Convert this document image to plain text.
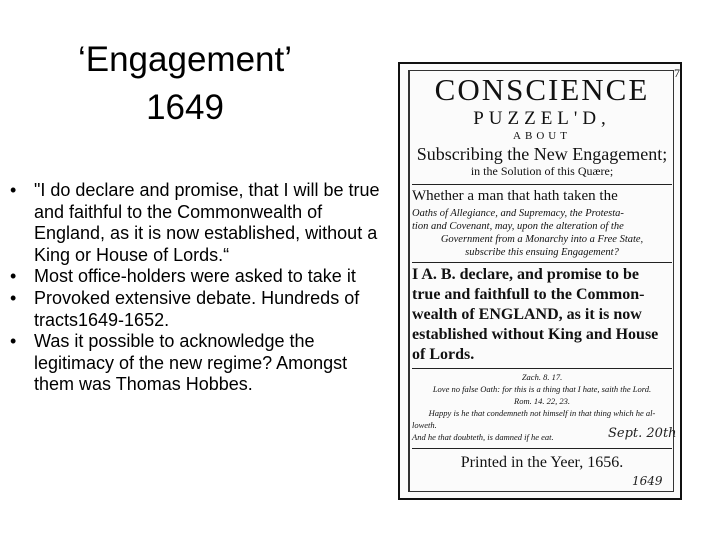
‘Engagement’
1649
• "I do declare and promise, that I will be true and faithful to the Commonwealth of England, as it is now established, without a King or House of Lords.“
• Most office-holders were asked to take it
• Provoked extensive debate. Hundreds of tracts1649-1652.
• Was it possible to acknowledge the legitimacy of the new regime? Amongst them was Thomas Hobbes.
7
CONSCIENCE
PUZZEL'D,
ABOUT
Subscribing the New Engagement;
in the Solution of this Quære;
Whether a man that hath taken the
Oaths of Allegiance, and Supremacy, the Protesta-
tion and Covenant, may, upon the alteration of the
Government from a Monarchy into a Free State,
subscribe this ensuing Engagement?
I A. B. declare, and promise to be
true and faithfull to the Common-
wealth of ENGLAND, as it is now
established without King and House
of Lords.
Zach. 8. 17.
Love no false Oath: for this is a thing that I hate, saith the Lord.
Rom. 14. 22, 23.
Happy is he that condemneth not himself in that thing which he al-
loweth.
And he that doubteth, is damned if he eat.
Printed in the Yeer, 1656.
Sept. 20th
1649
